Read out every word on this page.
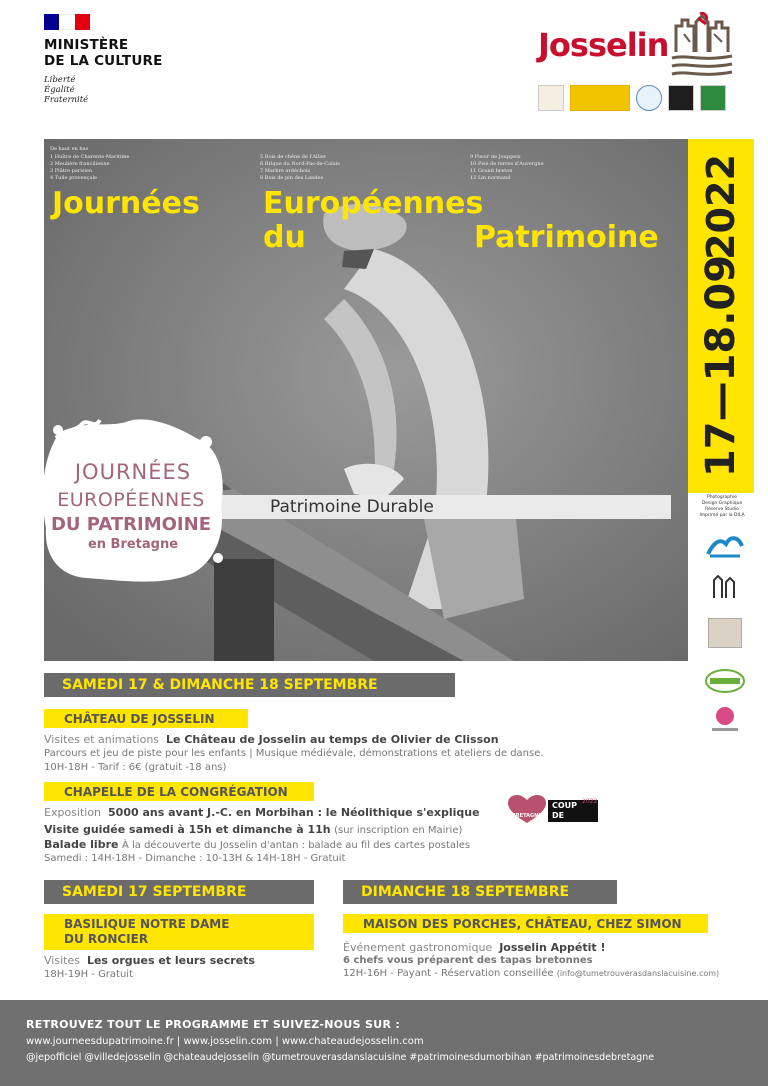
MINISTÈRE
DE LA CULTURE
Liberté
Égalité
Fraternité
Josselin
De haut en bas
1 Huître de Charente-Maritime
2 Meulière francilienne
3 Plâtre parisien
4 Tuile provençale
5 Bois de chêne de l'Allier
6 Brique du Nord-Pas-de-Calais
7 Marbre ardéchois
8 Bois de pin des Landes
9 Pisoir de Jouppeix
10 Pisé de terres d'Auvergne
11 Granit breton
12 Lin normand
Journées Européennes
du	Patrimoine 2022
17—18.09
Patrimoine Durable
JOURNÉES
EUROPÉENNES
DU PATRIMOINE
en Bretagne
Photographie
Design Graphique
Réserve Studio
Imprimé par la DILA
SAMEDI 17 & DIMANCHE 18 SEPTEMBRE
CHÂTEAU DE JOSSELIN
Visites et animations Le Château de Josselin au temps de Olivier de Clisson
Parcours et jeu de piste pour les enfants | Musique médiévale, démonstrations et ateliers de danse.
10H-18H - Tarif : 6€ (gratuit -18 ans)
CHAPELLE DE LA CONGRÉGATION
Exposition 5000 ans avant J.-C. en Morbihan : le Néolithique s'explique
Visite guidée samedi à 15h et dimanche à 11h (sur inscription en Mairie)
Balade libre À la découverte du Josselin d'antan : balade au fil des cartes postales
Samedi : 14H-18H - Dimanche : 10-13H & 14H-18H - Gratuit
BRETAGNE
COUP
DE CŒUR
2022
SAMEDI 17 SEPTEMBRE
BASILIQUE NOTRE DAME
DU RONCIER
Visites Les orgues et leurs secrets
18H-19H - Gratuit
DIMANCHE 18 SEPTEMBRE
MAISON DES PORCHES, CHÂTEAU, CHEZ SIMON
Événement gastronomique Josselin Appétit !
6 chefs vous préparent des tapas bretonnes
12H-16H - Payant - Réservation conseillée (info@tumetrouverasdanslacuisine.com)
RETROUVEZ TOUT LE PROGRAMME ET SUIVEZ-NOUS SUR :
www.journeesdupatrimoine.fr | www.josselin.com | www.chateaudejosselin.com
@jepofficiel @villedejosselin @chateaudejosselin @tumetrouverasdanslacuisine #patrimoinesdumorbihan #patrimoinesdebretagne
